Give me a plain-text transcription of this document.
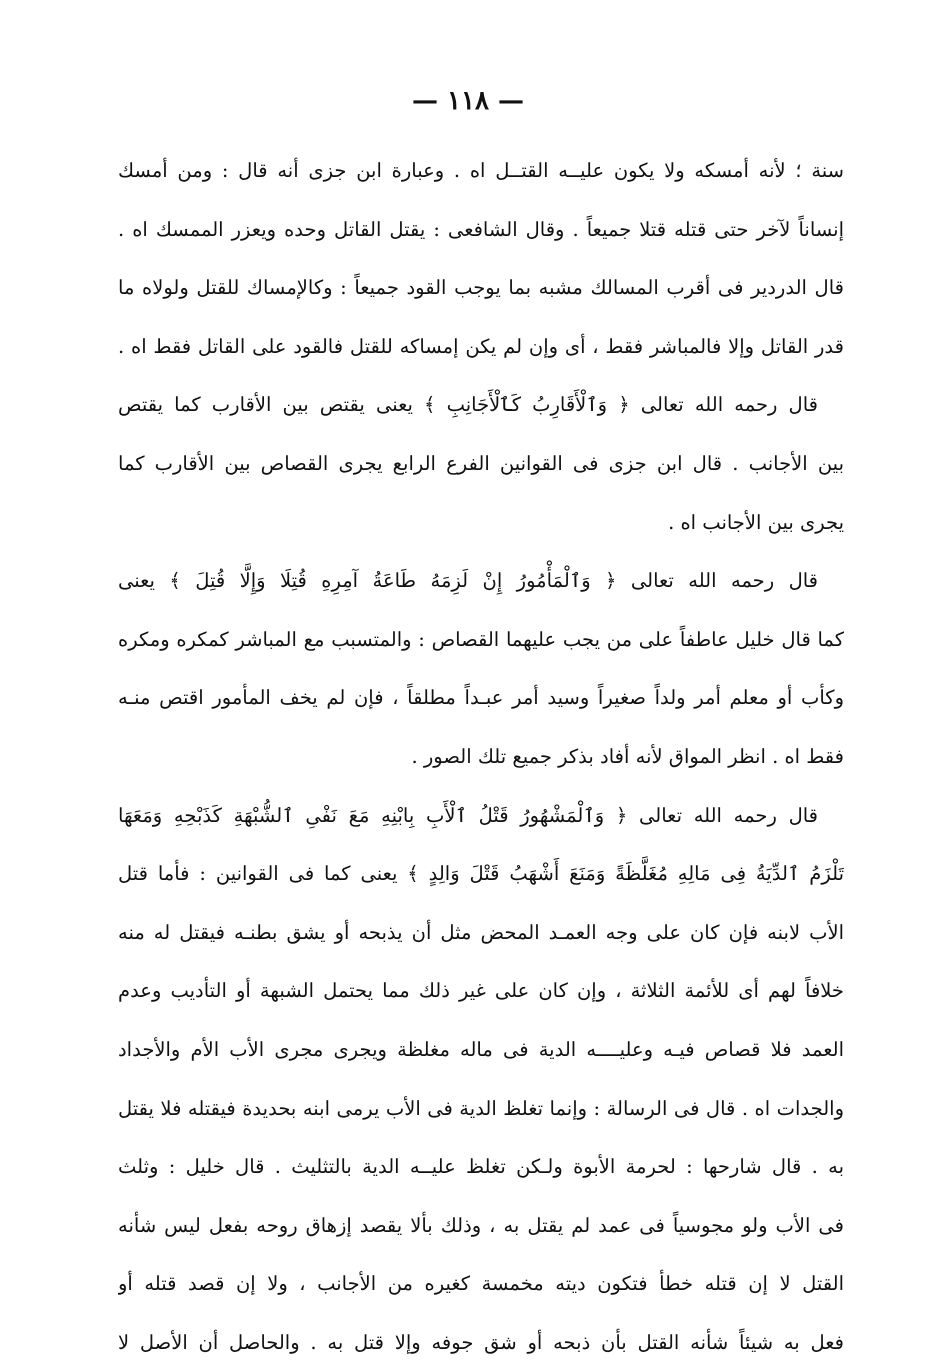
— ١١٨ —
سنة ؛ لأنه أمسكه ولا يكون عليــه القتــل اه . وعبارة ابن جزى أنه قال : ومن أمسك
إنساناً لآخر حتى قتله قتلا جميعاً . وقال الشافعى : يقتل القاتل وحده ويعزر الممسك اه .
قال الدردير فى أقرب المسالك مشبه بما يوجب القود جميعاً : وكالإمساك للقتل ولولاه ما
قدر القاتل وإلا فالمباشر فقط ، أى وإن لم يكن إمساكه للقتل فالقود على القاتل فقط اه .
قال رحمه الله تعالى ﴿ وَٱلْأَقَارِبُ كَٱلْأَجَانِبِ ﴾ يعنى يقتص بين الأقارب كما يقتص
بين الأجانب . قال ابن جزى فى القوانين الفرع الرابع يجرى القصاص بين الأقارب كما
يجرى بين الأجانب اه .
قال رحمه الله تعالى ﴿ وَٱلْمَأْمُورُ إِنْ لَزِمَهُ طَاعَةُ آمِرِهِ قُتِلَا وَإِلَّا قُتِلَ ﴾ يعنى
كما قال خليل عاطفاً على من يجب عليهما القصاص : والمتسبب مع المباشر كمكره ومكره
وكأب أو معلم أمر ولداً صغيراً وسيد أمر عبـداً مطلقاً ، فإن لم يخف المأمور اقتص منـه
فقط اه . انظر المواق لأنه أفاد بذكر جميع تلك الصور .
قال رحمه الله تعالى ﴿ وَٱلْمَشْهُورُ قَتْلُ ٱلْأَبِ بِابْنِهِ مَعَ نَفْىِ ٱلشُّبْهَةِ كَذَبْحِهِ وَمَعَهَا
تَلْزَمُ ٱلدِّيَةُ فِى مَالِهِ مُغَلَّظَةً وَمَنَعَ أَشْهَبُ قَتْلَ وَالِدٍ ﴾ يعنى كما فى القوانين : فأما قتل
الأب لابنه فإن كان على وجه العمـد المحض مثل أن يذبحه أو يشق بطنـه فيقتل له منه
خلافاً لهم أى للأئمة الثلاثة ، وإن كان على غير ذلك مما يحتمل الشبهة أو التأديب وعدم
العمد فلا قصاص فيـه وعليــــه الدية فى ماله مغلظة ويجرى مجرى الأب الأم والأجداد
والجدات اه . قال فى الرسالة : وإنما تغلظ الدية فى الأب يرمى ابنه بحديدة فيقتله فلا يقتل
به . قال شارحها : لحرمة الأبوة ولـكن تغلظ عليــه الدية بالتثليث . قال خليل : وثلث
فى الأب ولو مجوسياً فى عمد لم يقتل به ، وذلك بألا يقصد إزهاق روحه بفعل ليس شأنه
القتل لا إن قتله خطأ فتكون ديته مخمسة كغيره من الأجانب ، ولا إن قصد قتله أو
فعل به شيئاً شأنه القتل بأن ذبحه أو شق جوفه وإلا قتل به . والحاصل أن الأصل لا
